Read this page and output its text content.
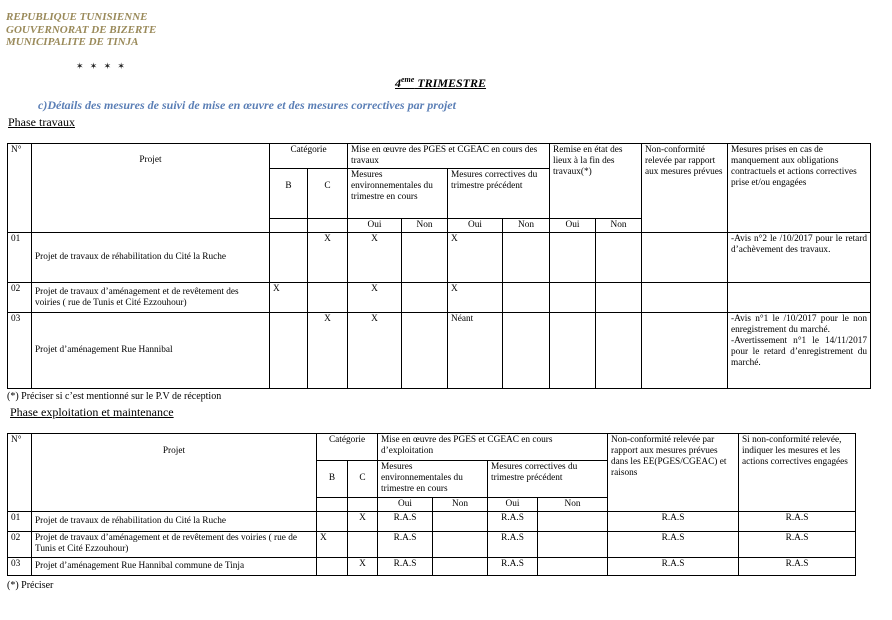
REPUBLIQUE TUNISIENNE
GOUVERNORAT DE BIZERTE
MUNICIPALITE DE TINJA
✶ ✶ ✶ ✶
4eme TRIMESTRE
c)Détails des mesures de suivi de mise en œuvre et des mesures correctives par projet
Phase travaux
N°	Projet	Catégorie		Mise en œuvre des PGES et CGEAC en cours des travaux				Remise en état des lieux à la fin des travaux(*)		Non-conformité relevée par rapport aux mesures prévues	Mesures prises en cas de manquement aux obligations contractuels et actions correctives prise et/ou engagées
		B	C	Mesures environnementales du trimestre en cours		Mesures correctives du trimestre précédent					
				Oui	Non	Oui	Non	Oui	Non		
01	Projet de travaux de réhabilitation du Cité la Ruche		X	X		X					-Avis n°2 le /10/2017 pour le retard d’achèvement des travaux.

02	Projet de travaux d’aménagement et de revêtement des voiries ( rue de Tunis et Cité Ezzouhour)	X		X		X					
03	Projet d’aménagement Rue Hannibal		X	X		Néant					-Avis n°1 le /10/2017 pour le non enregistrement du marché.
-Avertissement n°1 le 14/11/2017 pour le retard d’enregistrement du marché.
(*) Préciser si c’est mentionné sur le P.V de réception
Phase exploitation et maintenance
N°	Projet	Catégorie		Mise en œuvre des PGES et CGEAC en cours d’exploitation				Non-conformité relevée par rapport aux mesures prévues dans les EE(PGES/CGEAC) et raisons	Si non-conformité relevée, indiquer les mesures et les actions correctives engagées
		B	C	Mesures environnementales du trimestre en cours		Mesures correctives du trimestre précédent			
				Oui	Non	Oui	Non		
01	Projet de travaux de réhabilitation du Cité la Ruche		X	R.A.S		R.A.S		R.A.S	R.A.S
02	Projet de travaux d’aménagement et de revêtement des voiries ( rue de Tunis et Cité Ezzouhour)	X		R.A.S		R.A.S		R.A.S	R.A.S
03	Projet d’aménagement Rue Hannibal commune de Tinja		X	R.A.S		R.A.S		R.A.S	R.A.S
(*) Préciser
